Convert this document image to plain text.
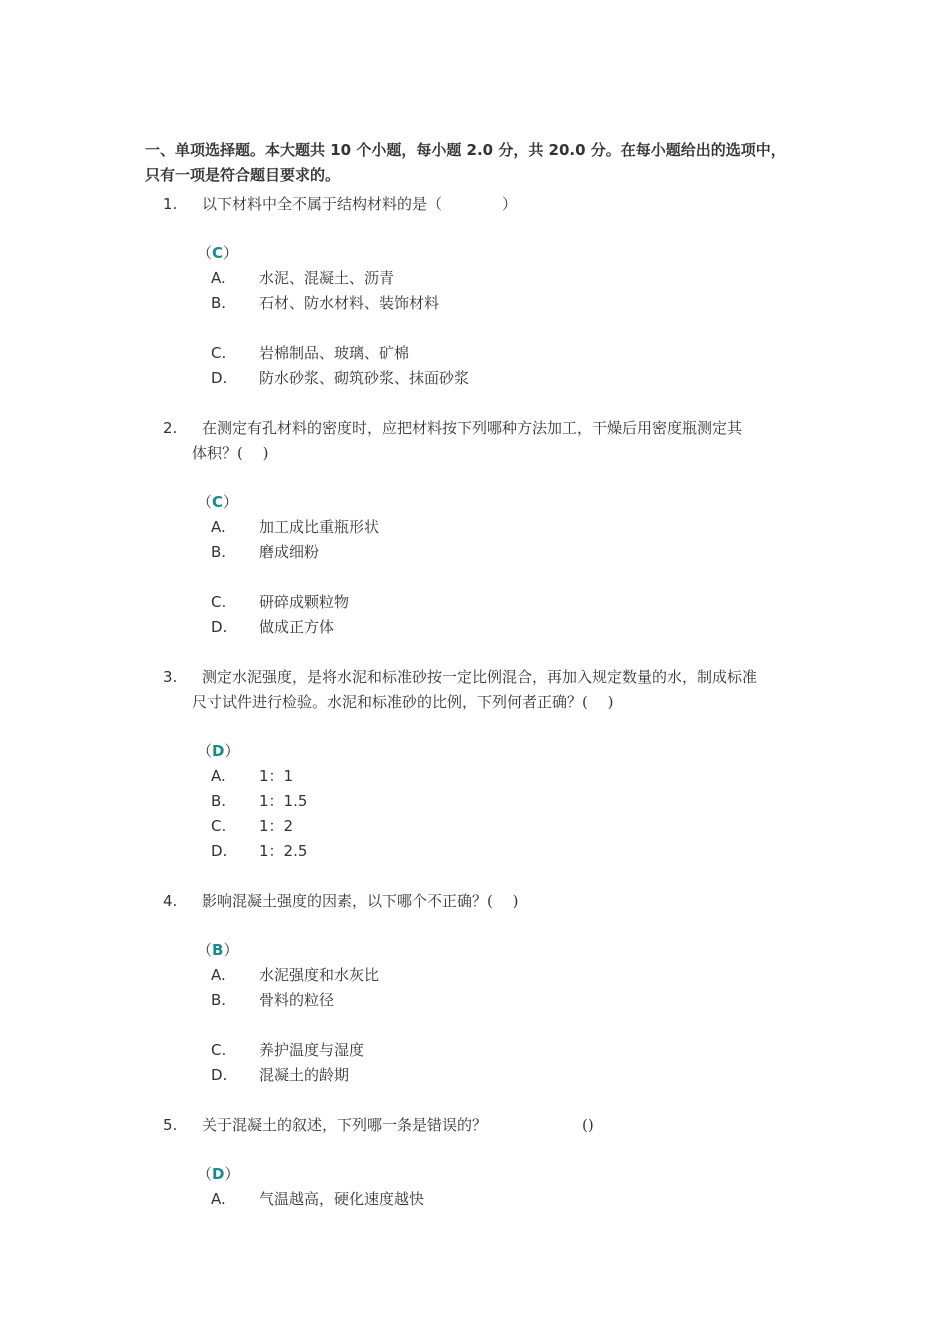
一、单项选择题。本大题共 10 个小题，每小题 2.0 分，共 20.0 分。在每小题给出的选项中，
只有一项是符合题目要求的。
1. 以下材料中全不属于结构材料的是（　　　　）
（C）
A. 水泥、混凝土、沥青
B. 石材、防水材料、装饰材料
C. 岩棉制品、玻璃、矿棉
D. 防水砂浆、砌筑砂浆、抹面砂浆
2. 在测定有孔材料的密度时，应把材料按下列哪种方法加工，干燥后用密度瓶测定其
体积？(　 )
（C）
A. 加工成比重瓶形状
B. 磨成细粉
C. 研碎成颗粒物
D. 做成正方体
3. 测定水泥强度，是将水泥和标准砂按一定比例混合，再加入规定数量的水，制成标准
尺寸试件进行检验。水泥和标准砂的比例，下列何者正确？(　 )
（D）
A. 1：1
B. 1：1.5
C. 1：2
D. 1：2.5
4. 影响混凝土强度的因素，以下哪个不正确？(　 )
（B）
A. 水泥强度和水灰比
B. 骨料的粒径
C. 养护温度与湿度
D. 混凝土的龄期
5. 关于混凝土的叙述，下列哪一条是错误的？	()
（D）
A. 气温越高，硬化速度越快
